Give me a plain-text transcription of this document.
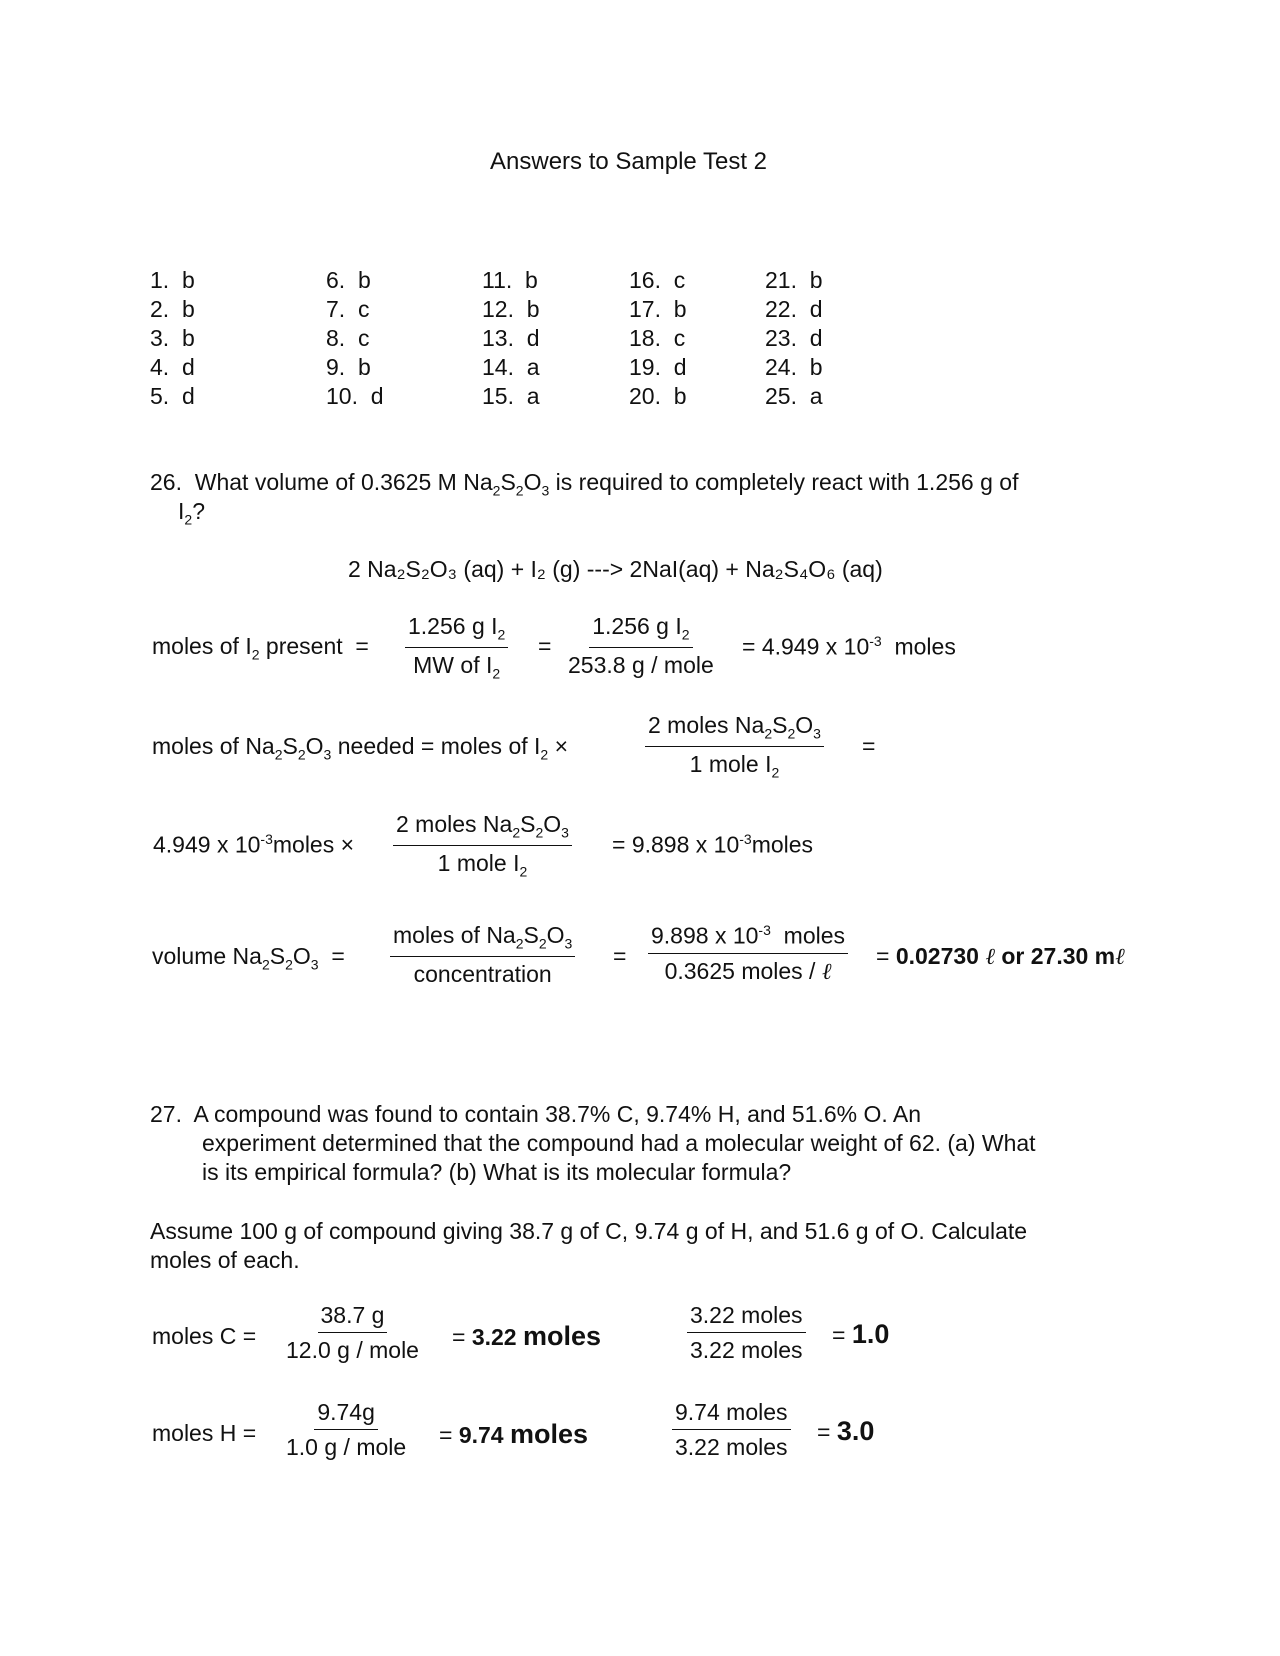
Answers to Sample Test 2
1.  b
2.  b
3.  b
4.  d
5.  d
6.  b
7.  c
8.  c
9.  b
10.  d
11.  b
12.  b
13.  d
14.  a
15.  a
16.  c
17.  b
18.  c
19.  d
20.  b
21.  b
22.  d
23.  d
24.  b
25.  a
26. What volume of 0.3625 M $Na_2S_2O_3$ is required to completely react with 1.256 g of
$I_2$?
2 Na₂S₂O₃ (aq) + I₂ (g) ---> 2NaI(aq) + Na₂S₄O₆ (aq)
moles of $I_2$ present  = $\frac{1.256 g I_2}{MW of I_2}$ =
1.256 g $I_2$
253.8 g / mole
= 4.949 x $10^{-3}$ moles
moles of $Na_2S_2O_3$ needed = moles of $I_2$ ×
2 moles $Na_2S_2O_3$
1 mole $I_2$
=
4.949 x $10^{-3}moles$ ×
2 moles $Na_2S_2O_3$
1 mole $I_2$
= 9.898 x $10^{-3}moles$
volume $Na_2S_2O_3$  =
moles of $Na_2S_2O_3$
concentration
=
9.898 x $10^{-3}$ moles
0.3625 moles / ℓ
= 0.02730 ℓ or 27.30 mℓ
27. A compound was found to contain 38.7% C, 9.74% H, and 51.6% O. An
experiment determined that the compound had a molecular weight of 62. (a) What
is its empirical formula? (b) What is its molecular formula?
Assume 100 g of compound giving 38.7 g of C, 9.74 g of H, and 51.6 g of O. Calculate
moles of each.
moles C =
38.7 g
12.0 g / mole
= 3.22 moles
3.22 moles
3.22 moles
= 1.0
moles H =
9.74g
1.0 g / mole = 9.74 moles
9.74 moles
3.22 moles
= 3.0
